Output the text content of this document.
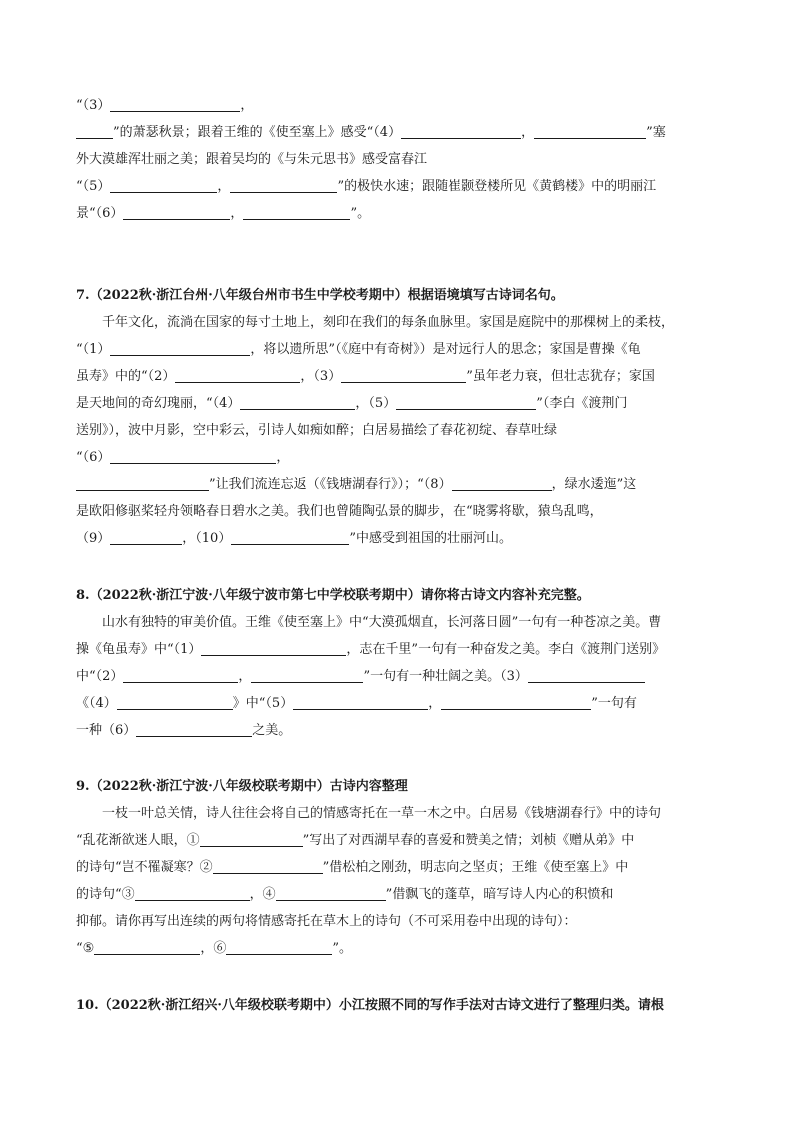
“（3）	，
”的萧瑟秋景；跟着王维的《使至塞上》感受“（4）	，	”塞
外大漠雄浑壮丽之美；跟着吴均的《与朱元思书》感受富春江
“（5）	，	”的极快水速；跟随崔颢登楼所见《黄鹤楼》中的明丽江
景“（6）	，	”。
7.（2022秋·浙江台州·八年级台州市书生中学校考期中）根据语境填写古诗词名句。
千年文化，流淌在国家的每寸土地上，刻印在我们的每条血脉里。家国是庭院中的那棵树上的柔枝，
“（1）	，将以遗所思”（《庭中有奇树》）是对远行人的思念；家国是曹操《龟
虽寿》中的“（2）	，（3）	”虽年老力衰，但壮志犹存；家国
是天地间的奇幻瑰丽，“（4）	，（5）	”（李白《渡荆门
送别》），波中月影，空中彩云，引诗人如痴如醉；白居易描绘了春花初绽、春草吐绿
“（6）	，
”让我们流连忘返（《钱塘湖春行》）；“（8）	，绿水逶迤”这
是欧阳修驱桨轻舟领略春日碧水之美。我们也曾随陶弘景的脚步，在“晓雾将歇，猿鸟乱鸣，
（9）	，（10）	”中感受到祖国的壮丽河山。
8.（2022秋·浙江宁波·八年级宁波市第七中学校联考期中）请你将古诗文内容补充完整。
山水有独特的审美价值。王维《使至塞上》中“大漠孤烟直，长河落日圆”一句有一种苍凉之美。曹
操《龟虽寿》中“（1）	，志在千里”一句有一种奋发之美。李白《渡荆门送别》
中“（2）	，	”一句有一种壮阔之美。（3）
《（4）	》中“（5）	，	”一句有
一种（6）	之美。
9.（2022秋·浙江宁波·八年级校联考期中）古诗内容整理
一枝一叶总关情，诗人往往会将自己的情感寄托在一草一木之中。白居易《钱塘湖春行》中的诗句
“乱花渐欲迷人眼，①	”写出了对西湖早春的喜爱和赞美之情；刘桢《赠从弟》中
的诗句“岂不罹凝寒？②	”借松柏之刚劲，明志向之坚贞；王维《使至塞上》中
的诗句“③	，④	”借飘飞的蓬草，暗写诗人内心的积愤和
抑郁。请你再写出连续的两句将情感寄托在草木上的诗句（不可采用卷中出现的诗句）：
“⑤	，⑥	”。
10.（2022秋·浙江绍兴·八年级校联考期中）小江按照不同的写作手法对古诗文进行了整理归类。请根
